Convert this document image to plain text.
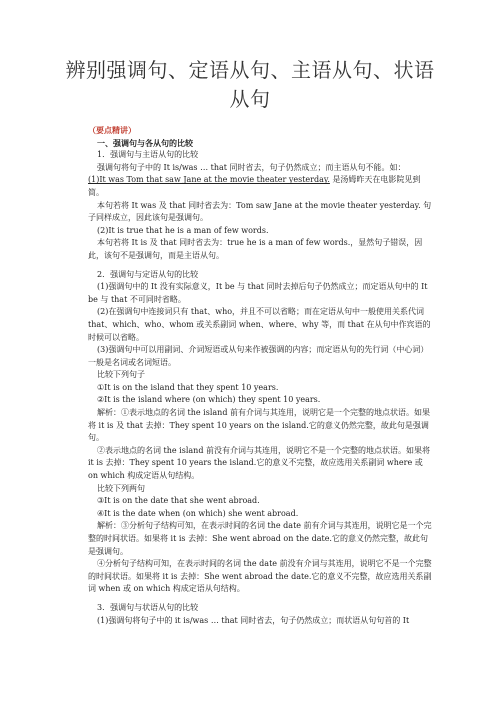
辨别强调句、定语从句、主语从句、状语从句

（要点精讲）

一、强调句与各从句的比较

1．强调句与主语从句的比较

强调句将句子中的 It is/was … that 同时省去，句子仍然成立；而主语从句不能。如：

(1)It was Tom that saw Jane at the movie theater yesterday. 是汤姆昨天在电影院见到简。

本句若将 It was 及 that 同时省去为：Tom saw Jane at the movie theater yesterday. 句子同样成立，因此该句是强调句。

(2)It is true that he is a man of few words.

本句若将 It is 及 that 同时省去为：true he is a man of few words.，显然句子错误，因此，该句不是强调句，而是主语从句。

2．强调句与定语从句的比较

(1)强调句中的 It 没有实际意义，It be 与 that 同时去掉后句子仍然成立；而定语从句中的 It be 与 that 不可同时省略。

(2)在强调句中连接词只有 that、who，并且不可以省略；而在定语从句中一般使用关系代词 that、which、who、whom 或关系副词 when、where、why 等，而 that 在从句中作宾语的时候可以省略。

(3)强调句中可以用副词、介词短语或从句来作被强调的内容；而定语从句的先行词（中心词）一般是名词或名词短语。

比较下列句子

①It is on the island that they spent 10 years.

②It is the island where (on which) they spent 10 years.

解析：①表示地点的名词 the island 前有介词与其连用，说明它是一个完整的地点状语。如果将 it is 及 that 去掉：They spent 10 years on the island.它的意义仍然完整，故此句是强调句。

②表示地点的名词 the island 前没有介词与其连用，说明它不是一个完整的地点状语。如果将 it is 去掉：They spent 10 years the island.它的意义不完整，故应选用关系副词 where 或 on which 构成定语从句结构。

比较下列两句

③It is on the date that she went abroad.

④It is the date when (on which) she went abroad.

解析：③分析句子结构可知，在表示时间的名词 the date 前有介词与其连用，说明它是一个完整的时间状语。如果将 it is 去掉：She went abroad on the date.它的意义仍然完整，故此句是强调句。

④分析句子结构可知，在表示时间的名词 the date 前没有介词与其连用，说明它不是一个完整的时间状语。如果将 it is 去掉：She went abroad the date.它的意义不完整，故应选用关系副词 when 或 on which 构成定语从句结构。

3．强调句与状语从句的比较

(1)强调句将句子中的 it is/was … that 同时省去，句子仍然成立；而状语从句句首的 It
